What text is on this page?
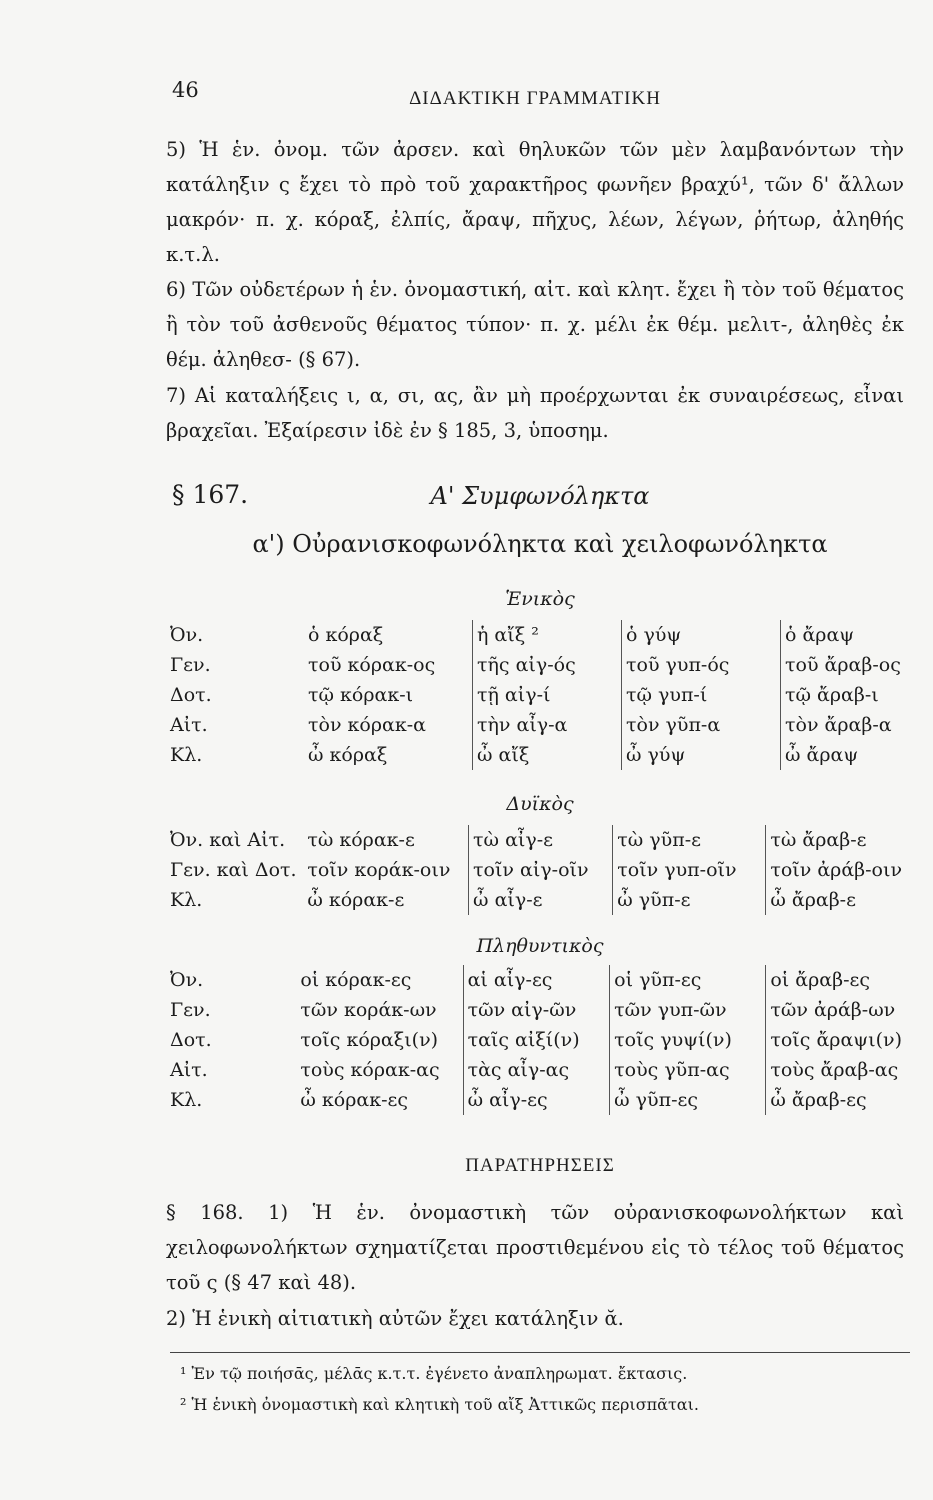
46	ΔΙΔΑΚΤΙΚΗ ΓΡΑΜΜΑΤΙΚΗ
5) Ἡ ἑν. ὀνομ. τῶν ἀρσεν. καὶ θηλυκῶν τῶν μὲν λαμβανόντων τὴν κατάληξιν ς ἔχει τὸ πρὸ τοῦ χαρακτῆρος φωνῆεν βραχύ¹, τῶν δ' ἄλλων μακρόν· π. χ. κόραξ, ἐλπίς, ἄραψ, πῆχυς, λέων, λέγων, ῥήτωρ, ἀληθής κ.τ.λ.
6) Τῶν οὐδετέρων ἡ ἑν. ὀνομαστική, αἰτ. καὶ κλητ. ἔχει ἢ τὸν τοῦ θέματος ἢ τὸν τοῦ ἀσθενοῦς θέματος τύπον· π. χ. μέλι ἐκ θέμ. μελιτ-, ἀληθὲς ἐκ θέμ. ἀληθεσ- (§ 67).
7) Αἱ καταλήξεις ι, α, σι, ας, ἂν μὴ προέρχωνται ἐκ συναιρέσεως, εἶναι βραχεῖαι. Ἐξαίρεσιν ἰδὲ ἐν § 185, 3, ὑποσημ.
§ 167.	Α' Συμφωνόληκτα
α') Οὐρανισκοφωνόληκτα καὶ χειλοφωνόληκτα
Ἑνικὸς
Ὀν.	ὁ κόραξ	ἡ αἴξ ²	ὁ γύψ	ὁ ἄραψ
Γεν.	τοῦ κόρακ-ος	τῆς αἰγ-ός	τοῦ γυπ-ός	τοῦ ἄραβ-ος
Δοτ.	τῷ κόρακ-ι	τῇ αἰγ-ί	τῷ γυπ-ί	τῷ ἄραβ-ι
Αἰτ.	τὸν κόρακ-α	τὴν αἶγ-α	τὸν γῦπ-α	τὸν ἄραβ-α
Κλ.	ὦ κόραξ	ὦ αἴξ	ὦ γύψ	ὦ ἄραψ
Δυϊκὸς
Ὀν. καὶ Αἰτ.	τὼ κόρακ-ε	τὼ αἶγ-ε	τὼ γῦπ-ε	τὼ ἄραβ-ε
Γεν. καὶ Δοτ.	τοῖν κοράκ-οιν	τοῖν αἰγ-οῖν	τοῖν γυπ-οῖν	τοῖν ἀράβ-οιν
Κλ.	ὦ κόρακ-ε	ὦ αἶγ-ε	ὦ γῦπ-ε	ὦ ἄραβ-ε
Πληθυντικὸς
Ὀν.	οἱ κόρακ-ες	αἱ αἶγ-ες	οἱ γῦπ-ες	οἱ ἄραβ-ες
Γεν.	τῶν κοράκ-ων	τῶν αἰγ-ῶν	τῶν γυπ-ῶν	τῶν ἀράβ-ων
Δοτ.	τοῖς κόραξι(ν)	ταῖς αἰξί(ν)	τοῖς γυψί(ν)	τοῖς ἄραψι(ν)
Αἰτ.	τοὺς κόρακ-ας	τὰς αἶγ-ας	τοὺς γῦπ-ας	τοὺς ἄραβ-ας
Κλ.	ὦ κόρακ-ες	ὦ αἶγ-ες	ὦ γῦπ-ες	ὦ ἄραβ-ες
ΠΑΡΑΤΗΡΗΣΕΙΣ
§ 168. 1) Ἡ ἑν. ὀνομαστικὴ τῶν οὐρανισκοφωνολήκτων καὶ χειλοφωνολήκτων σχηματίζεται προστιθεμένου εἰς τὸ τέλος τοῦ θέματος τοῦ ς (§ 47 καὶ 48).
2) Ἡ ἑνικὴ αἰτιατικὴ αὐτῶν ἔχει κατάληξιν ᾰ.
¹ Ἐν τῷ ποιήσᾱς, μέλᾱς κ.τ.τ. ἐγένετο ἀναπληρωματ. ἔκτασις.
² Ἡ ἑνικὴ ὀνομαστικὴ καὶ κλητικὴ τοῦ αἴξ Ἀττικῶς περισπᾶται.
